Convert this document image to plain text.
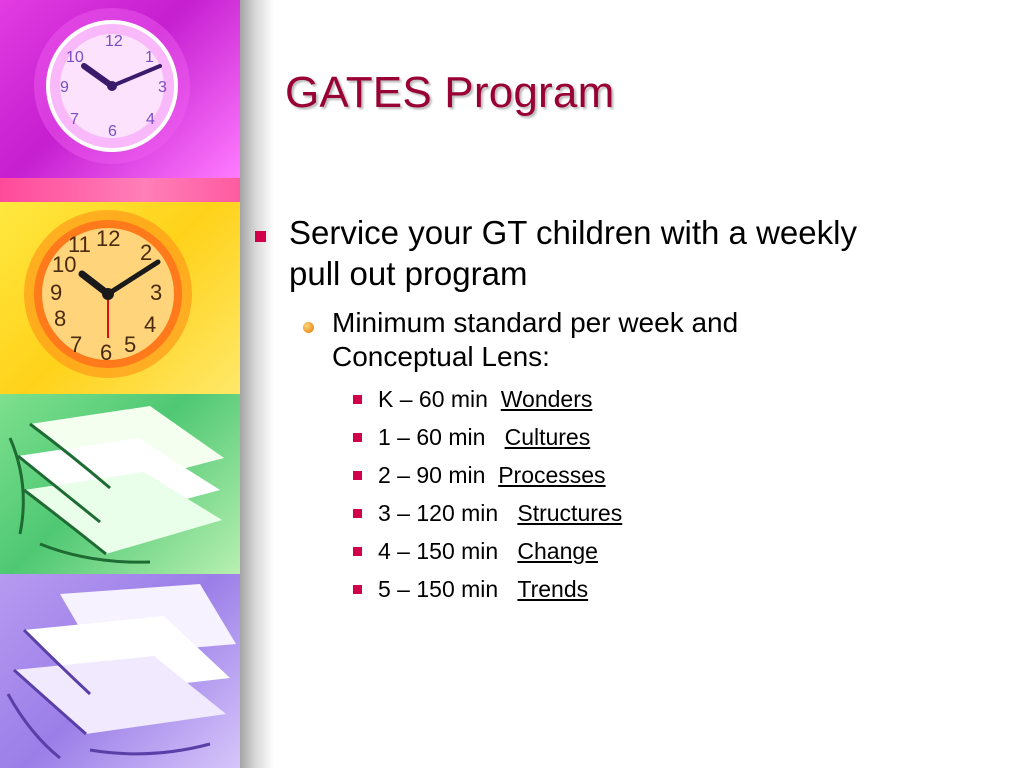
12
1
3
4
6
7
9
10
12
2
3
4
5
6
7
8
9
10
11
GATES Program

Service your GT children with a weekly pull out program

Minimum standard per week and Conceptual Lens:

K – 60 min Wonders
1 – 60 min Cultures
2 – 90 min Processes
3 – 120 min Structures
4 – 150 min Change
5 – 150 min Trends
